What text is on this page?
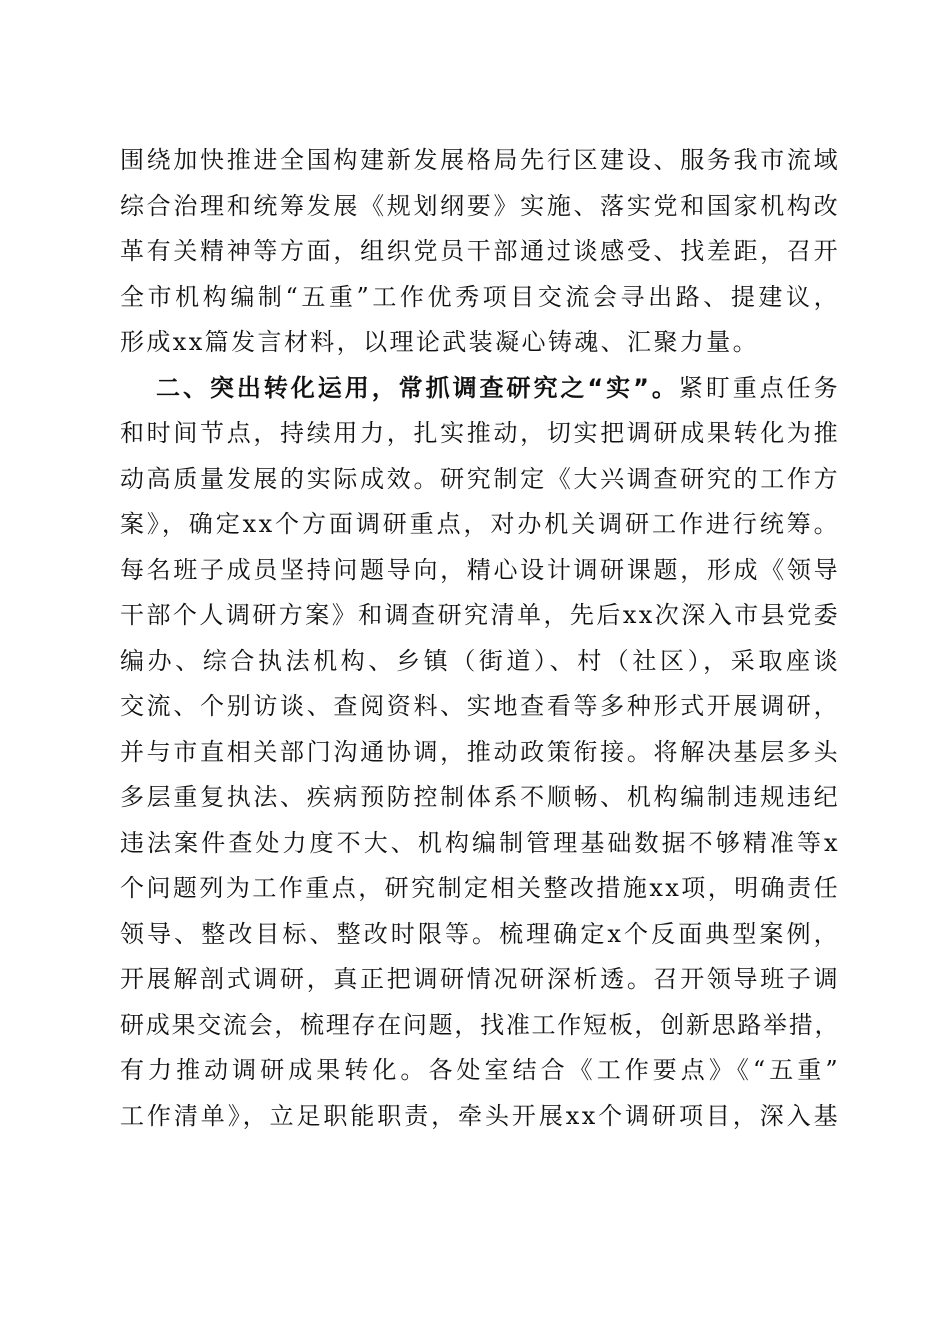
围绕加快推进全国构建新发展格局先行区建设、服务我市流域
综合治理和统筹发展《规划纲要》实施、落实党和国家机构改
革有关精神等方面，组织党员干部通过谈感受、找差距，召开
全市机构编制“五重”工作优秀项目交流会寻出路、提建议，
形成xx篇发言材料，以理论武装凝心铸魂、汇聚力量。
二、突出转化运用，常抓调查研究之“实”。紧盯重点任务
和时间节点，持续用力，扎实推动，切实把调研成果转化为推
动高质量发展的实际成效。研究制定《大兴调查研究的工作方
案》，确定xx个方面调研重点，对办机关调研工作进行统筹。
每名班子成员坚持问题导向，精心设计调研课题，形成《领导
干部个人调研方案》和调查研究清单，先后xx次深入市县党委
编办、综合执法机构、乡镇（街道）、村（社区），采取座谈
交流、个别访谈、查阅资料、实地查看等多种形式开展调研，
并与市直相关部门沟通协调，推动政策衔接。将解决基层多头
多层重复执法、疾病预防控制体系不顺畅、机构编制违规违纪
违法案件查处力度不大、机构编制管理基础数据不够精准等x
个问题列为工作重点，研究制定相关整改措施xx项，明确责任
领导、整改目标、整改时限等。梳理确定x个反面典型案例，
开展解剖式调研，真正把调研情况研深析透。召开领导班子调
研成果交流会，梳理存在问题，找准工作短板，创新思路举措，
有力推动调研成果转化。各处室结合《工作要点》《“五重”
工作清单》，立足职能职责，牵头开展xx个调研项目，深入基
